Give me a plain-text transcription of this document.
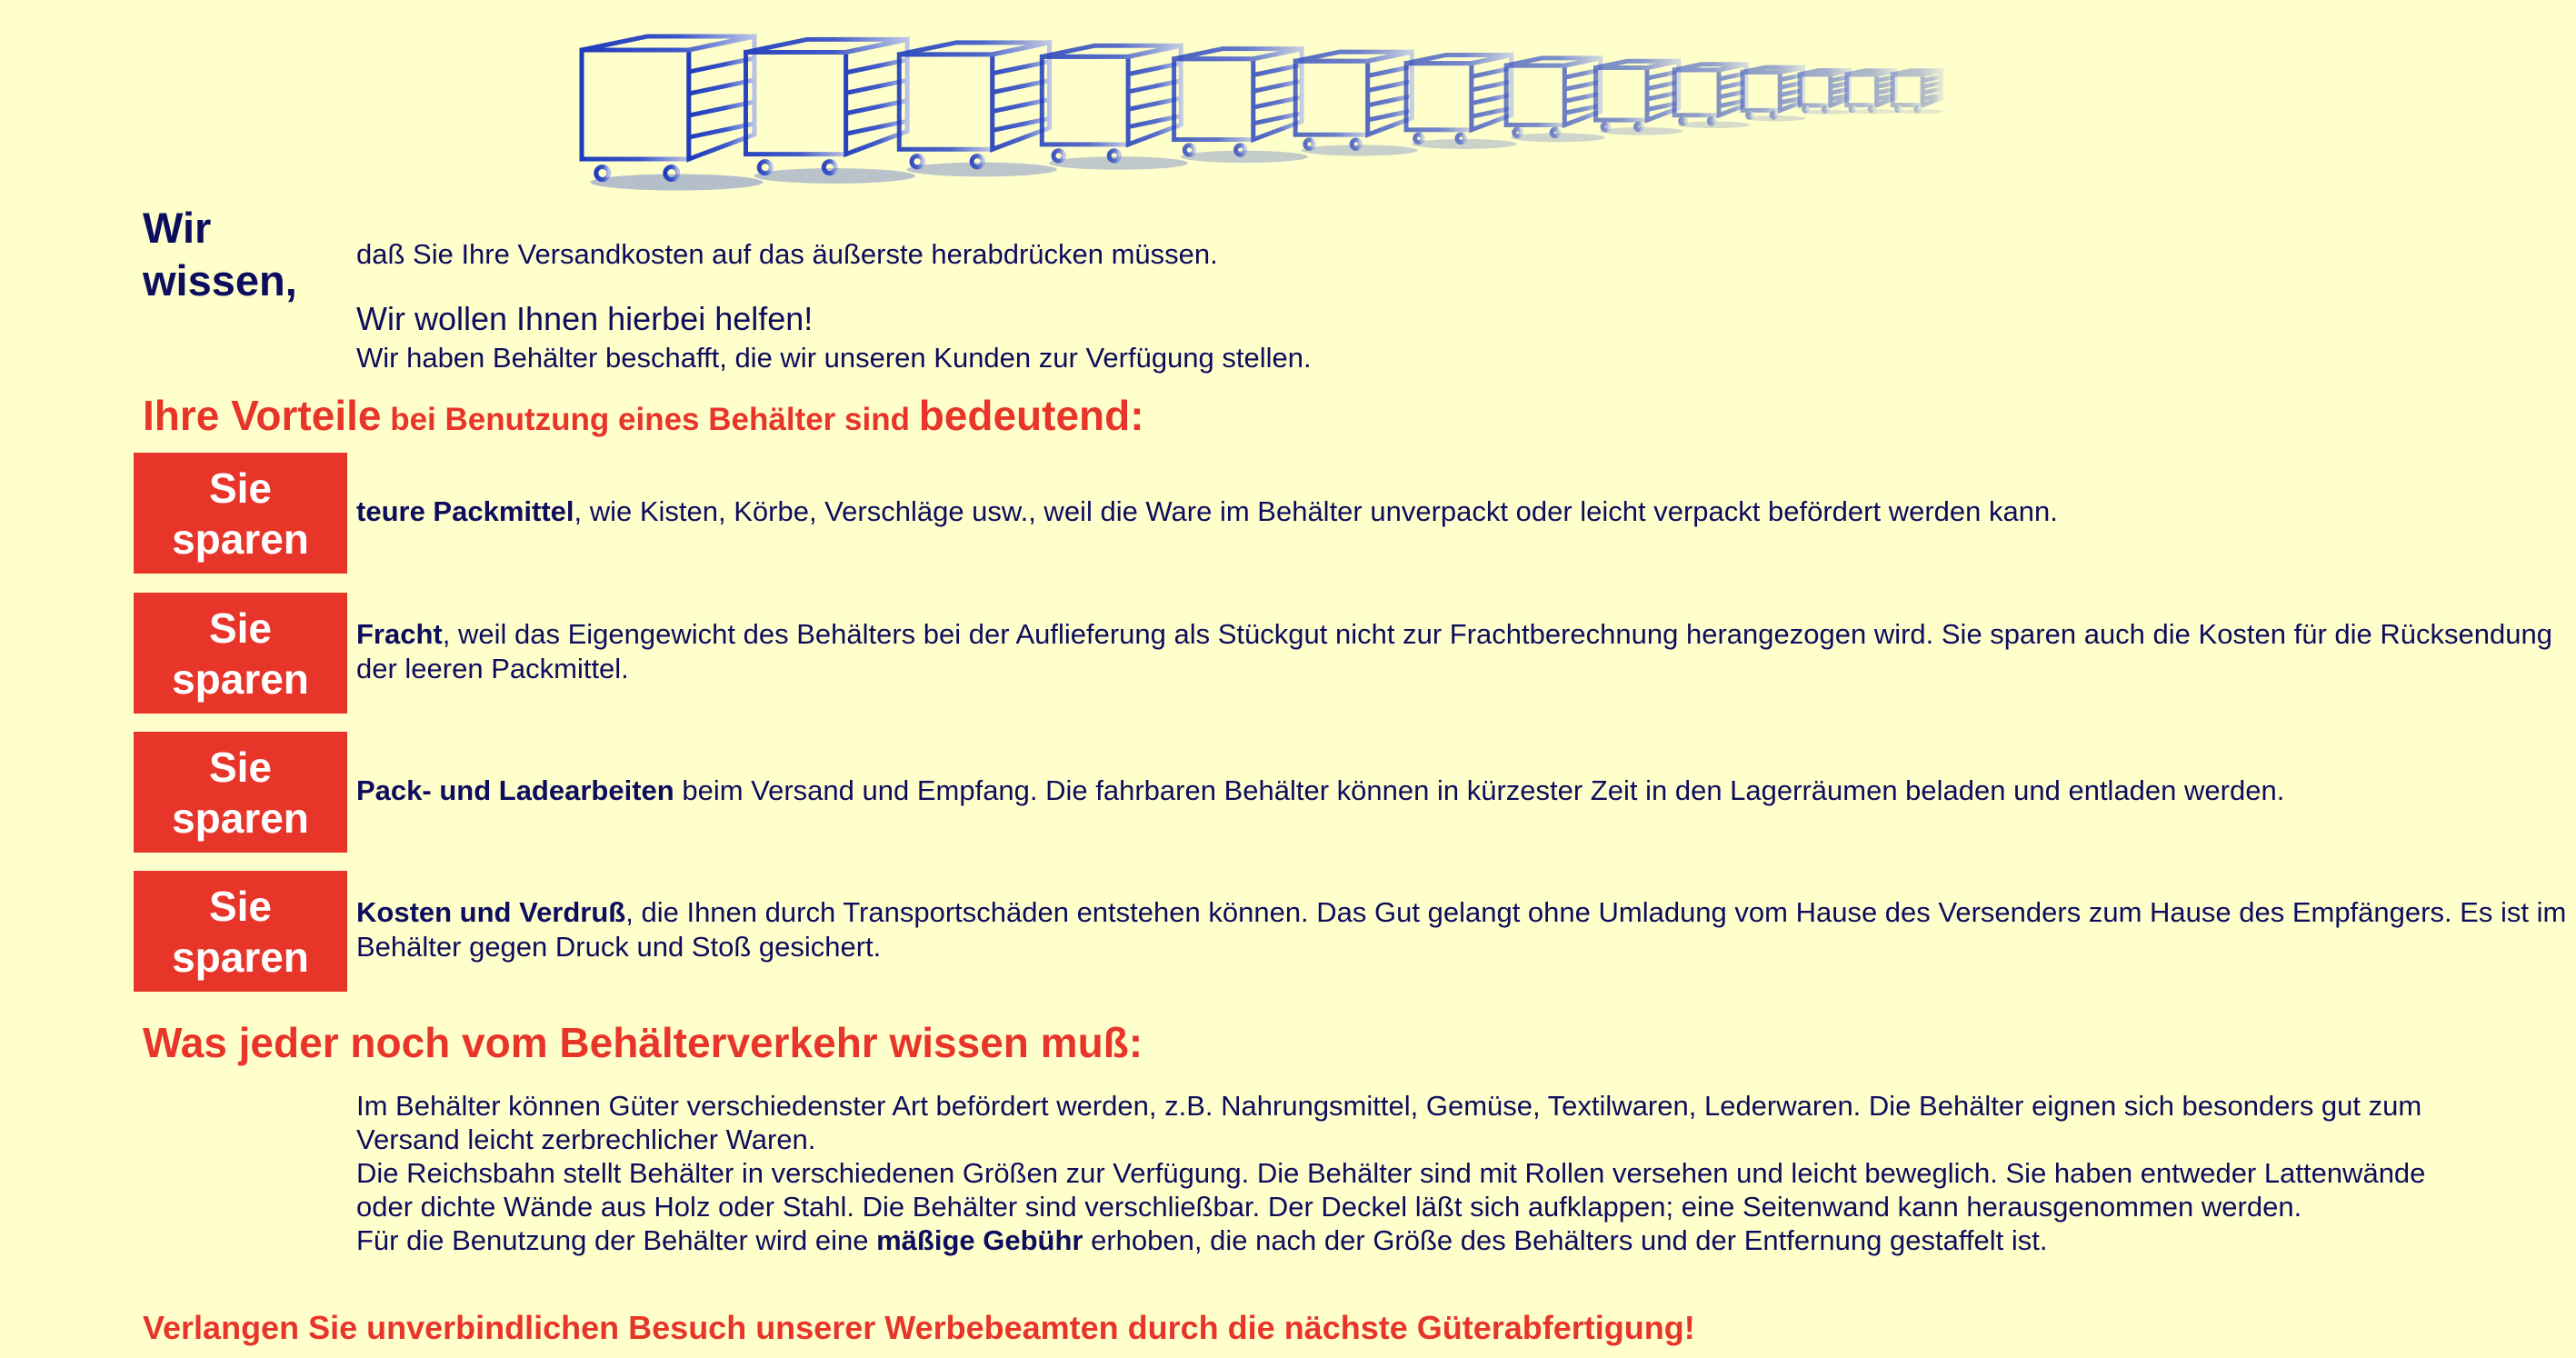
Wir wissen,
daß Sie Ihre Versandkosten auf das äußerste herabdrücken müssen.
Wir wollen Ihnen hierbei helfen!
Wir haben Behälter beschafft, die wir unseren Kunden zur Verfügung stellen.
Ihre Vorteile bei Benutzung eines Behälter sind bedeutend:
Sie sparen
teure Packmittel, wie Kisten, Körbe, Verschläge usw., weil die Ware im Behälter unverpackt oder leicht verpackt befördert werden kann.
Sie sparen
Fracht, weil das Eigengewicht des Behälters bei der Auflieferung als Stückgut nicht zur Frachtberechnung herangezogen wird. Sie sparen auch die Kosten für die Rücksendung der leeren Packmittel.
Sie sparen
Pack- und Ladearbeiten beim Versand und Empfang. Die fahrbaren Behälter können in kürzester Zeit in den Lagerräumen beladen und entladen werden.
Sie sparen
Kosten und Verdruß, die Ihnen durch Transportschäden entstehen können. Das Gut gelangt ohne Umladung vom Hause des Versenders zum Hause des Empfängers. Es ist im Behälter gegen Druck und Stoß gesichert.
Was jeder noch vom Behälterverkehr wissen muß:

Im Behälter können Güter verschiedenster Art befördert werden, z.B. Nahrungsmittel, Gemüse, Textilwaren, Lederwaren. Die Behälter eignen sich besonders gut zum Versand leicht zerbrechlicher Waren.

Die Reichsbahn stellt Behälter in verschiedenen Größen zur Verfügung. Die Behälter sind mit Rollen versehen und leicht beweglich. Sie haben entweder Lattenwände oder dichte Wände aus Holz oder Stahl. Die Behälter sind verschließbar. Der Deckel läßt sich aufklappen; eine Seitenwand kann herausgenommen werden.

Für die Benutzung der Behälter wird eine mäßige Gebühr erhoben, die nach der Größe des Behälters und der Entfernung gestaffelt ist.

Verlangen Sie unverbindlichen Besuch unserer Werbebeamten durch die nächste Güterabfertigung!
